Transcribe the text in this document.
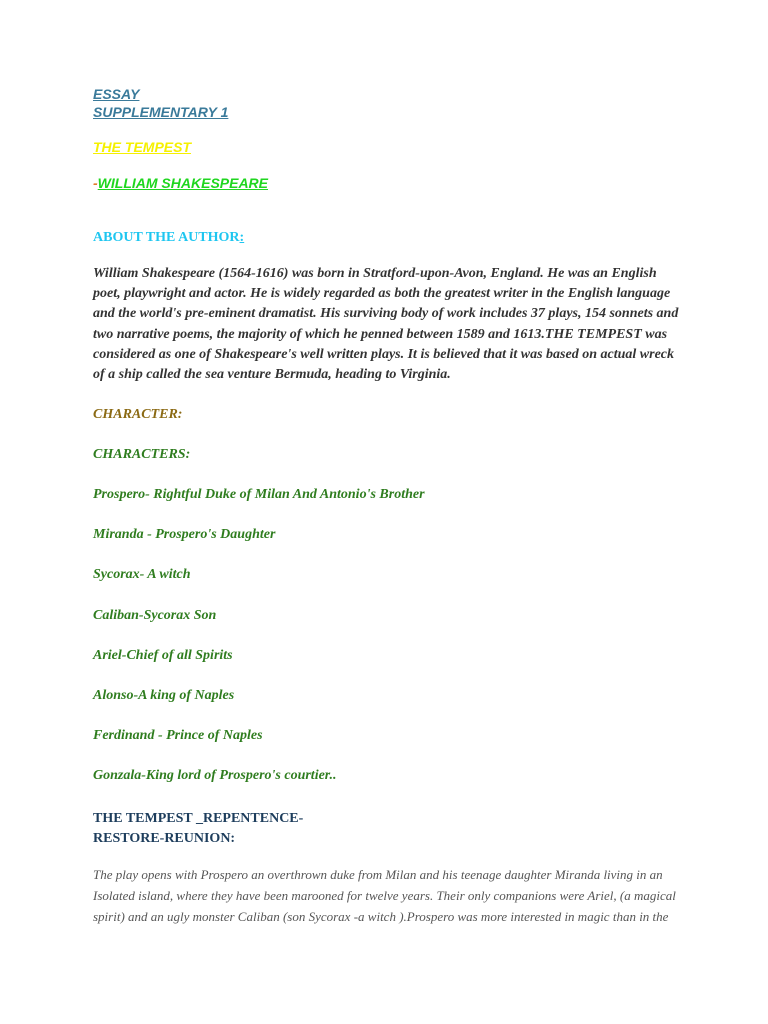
ESSAY
SUPPLEMENTARY 1
THE TEMPEST
-WILLIAM SHAKESPEARE
ABOUT THE AUTHOR:
William Shakespeare (1564-1616) was born in Stratford-upon-Avon, England. He was an English poet, playwright and actor. He is widely regarded as both the greatest writer in the English language and the world's pre-eminent dramatist. His surviving body of work includes 37 plays, 154 sonnets and two narrative poems, the majority of which he penned between 1589 and 1613.THE TEMPEST was considered as one of Shakespeare's well written plays. It is believed that it was based on actual wreck of a ship called the sea venture Bermuda, heading to Virginia.
CHARACTER:
CHARACTERS:
Prospero- Rightful Duke of Milan And Antonio's Brother
Miranda - Prospero's Daughter
Sycorax- A witch
Caliban-Sycorax Son
Ariel-Chief of all Spirits
Alonso-A king of Naples
Ferdinand - Prince of Naples
Gonzala-King lord of Prospero's courtier..
THE TEMPEST _REPENTENCE-
RESTORE-REUNION:
The play opens with Prospero an overthrown duke from Milan and his teenage daughter Miranda living in an Isolated island, where they have been marooned for twelve years. Their only companions were Ariel, (a magical spirit) and an ugly monster Caliban (son Sycorax -a witch ).Prospero was more interested in magic than in the
